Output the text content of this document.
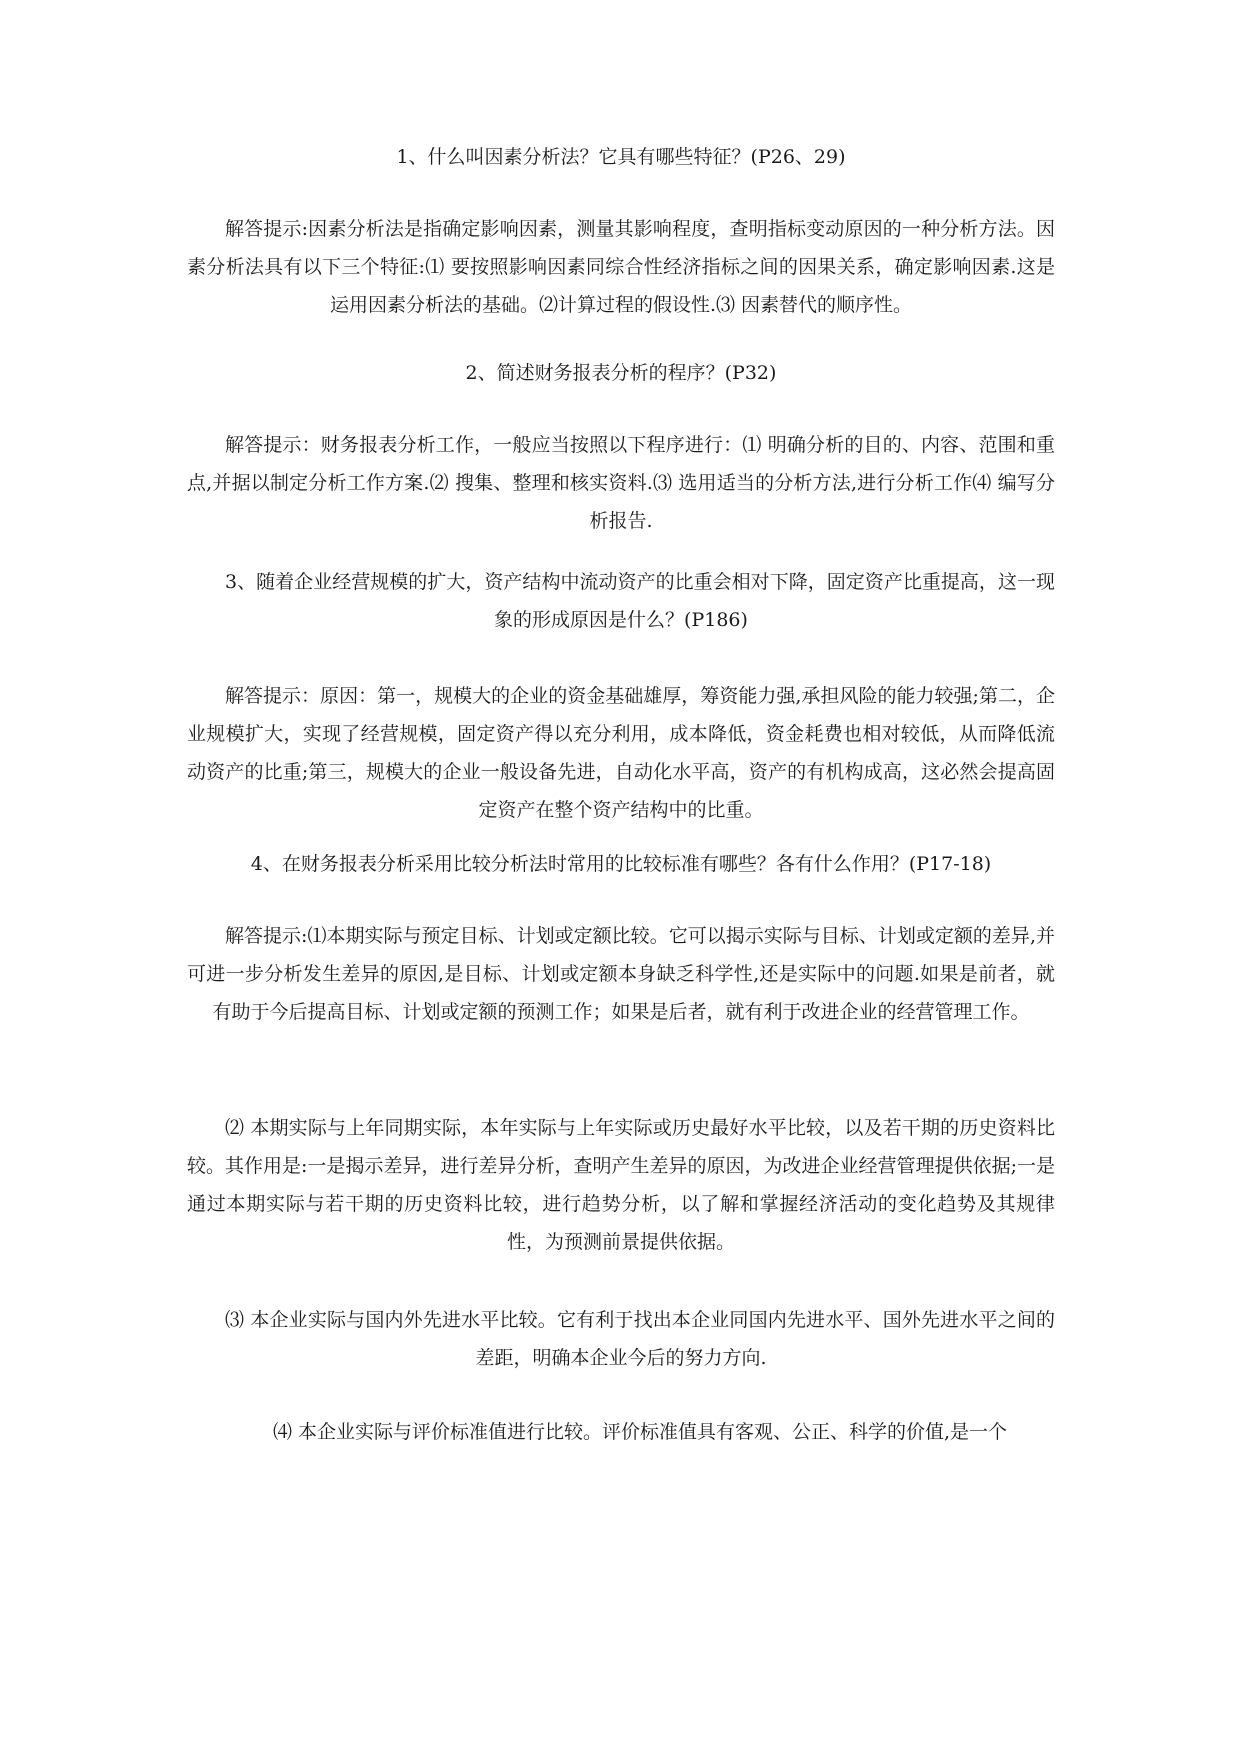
1、什么叫因素分析法？它具有哪些特征？(P26、29)

解答提示:因素分析法是指确定影响因素，测量其影响程度，查明指标变动原因的一种分析方法。因素分析法具有以下三个特征:⑴ 要按照影响因素同综合性经济指标之间的因果关系，确定影响因素.这是运用因素分析法的基础。⑵计算过程的假设性.⑶ 因素替代的顺序性。

2、简述财务报表分析的程序？(P32)

解答提示：财务报表分析工作，一般应当按照以下程序进行：⑴ 明确分析的目的、内容、范围和重点,并据以制定分析工作方案.⑵ 搜集、整理和核实资料.⑶ 选用适当的分析方法,进行分析工作⑷ 编写分析报告.

3、随着企业经营规模的扩大，资产结构中流动资产的比重会相对下降，固定资产比重提高，这一现象的形成原因是什么？(P186)

解答提示：原因：第一，规模大的企业的资金基础雄厚，筹资能力强,承担风险的能力较强;第二，企业规模扩大，实现了经营规模，固定资产得以充分利用，成本降低，资金耗费也相对较低，从而降低流动资产的比重;第三，规模大的企业一般设备先进，自动化水平高，资产的有机构成高，这必然会提高固定资产在整个资产结构中的比重。

4、在财务报表分析采用比较分析法时常用的比较标准有哪些？各有什么作用？(P17-18)

解答提示:⑴本期实际与预定目标、计划或定额比较。它可以揭示实际与目标、计划或定额的差异,并可进一步分析发生差异的原因,是目标、计划或定额本身缺乏科学性,还是实际中的问题.如果是前者，就有助于今后提高目标、计划或定额的预测工作；如果是后者，就有利于改进企业的经营管理工作。

⑵ 本期实际与上年同期实际，本年实际与上年实际或历史最好水平比较，以及若干期的历史资料比较。其作用是:一是揭示差异，进行差异分析，查明产生差异的原因，为改进企业经营管理提供依据;一是通过本期实际与若干期的历史资料比较，进行趋势分析，以了解和掌握经济活动的变化趋势及其规律性，为预测前景提供依据。

⑶ 本企业实际与国内外先进水平比较。它有利于找出本企业同国内先进水平、国外先进水平之间的差距，明确本企业今后的努力方向.

⑷ 本企业实际与评价标准值进行比较。评价标准值具有客观、公正、科学的价值,是一个
